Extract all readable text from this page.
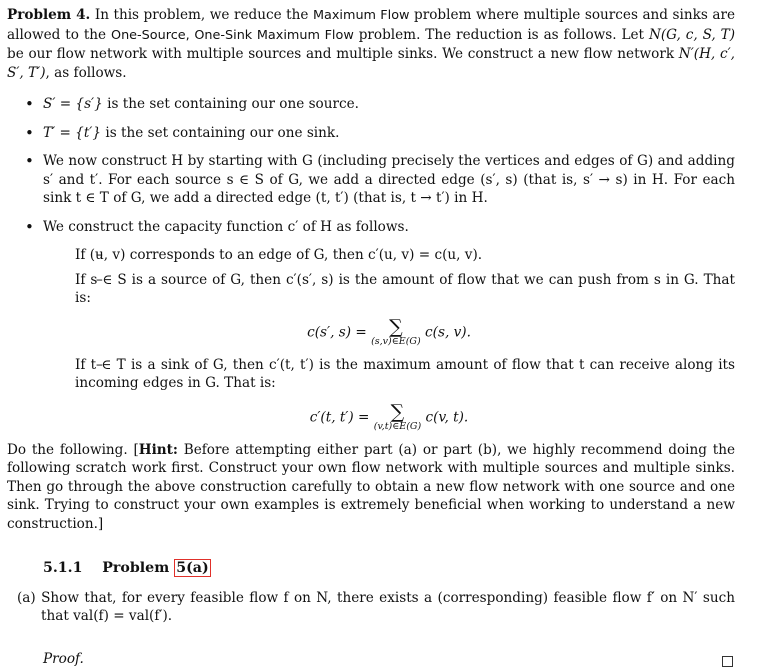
Problem 4. In this problem, we reduce the Maximum Flow problem where multiple sources and sinks are allowed to the One-Source, One-Sink Maximum Flow problem. The reduction is as follows. Let N(G, c, S, T) be our flow network with multiple sources and multiple sinks. We construct a new flow network N′(H, c′, S′, T′), as follows.

• S′ = {s′} is the set containing our one source.
• T′ = {t′} is the set containing our one sink.
• We now construct H by starting with G (including precisely the vertices and edges of G) and adding s′ and t′. For each source s ∈ S of G, we add a directed edge (s′, s) (that is, s′ → s) in H. For each sink t ∈ T of G, we add a directed edge (t, t′) (that is, t → t′) in H.
• We construct the capacity function c′ of H as follows.
– If (u, v) corresponds to an edge of G, then c′(u, v) = c(u, v).
– If s ∈ S is a source of G, then c′(s′, s) is the amount of flow that we can push from s in G. That is:
c(s′, s) =	∑
(s,v)∈E(G)
c(s, v).
– If t ∈ T is a sink of G, then c′(t, t′) is the maximum amount of flow that t can receive along its incoming edges in G. That is:
c′(t, t′) =	∑
(v,t)∈E(G)
c(v, t).

Do the following. [Hint: Before attempting either part (a) or part (b), we highly recommend doing the following scratch work first. Construct your own flow network with multiple sources and multiple sinks. Then go through the above construction carefully to obtain a new flow network with one source and one sink. Trying to construct your own examples is extremely beneficial when working to understand a new construction.]

5.1.1 Problem 5(a)

(a) Show that, for every feasible flow f on N, there exists a (corresponding) feasible flow f′ on N′ such that val(f) = val(f′).

Proof.
